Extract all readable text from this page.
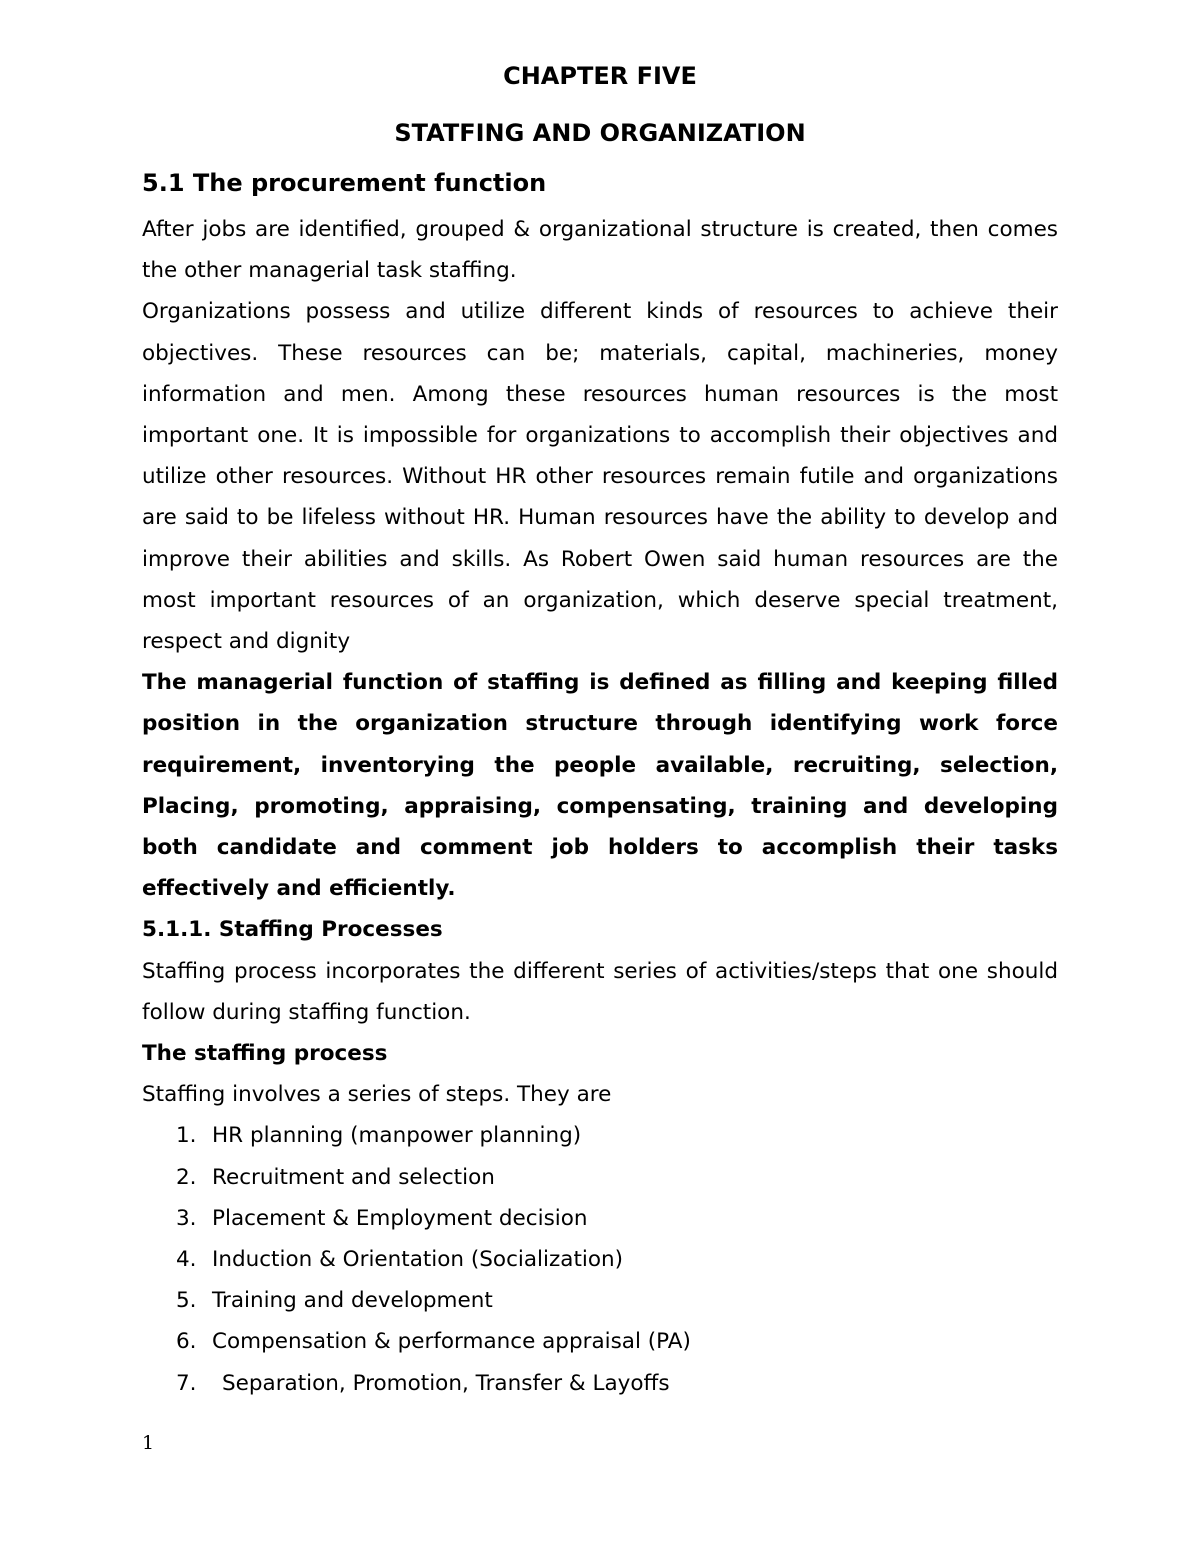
CHAPTER FIVE
STATFING AND ORGANIZATION
5.1 The procurement function

After jobs are identified, grouped & organizational structure is created, then comes the other managerial task staffing.

Organizations possess and utilize different kinds of resources to achieve their objectives. These resources can be; materials, capital, machineries, money information and men. Among these resources human resources is the most important one. It is impossible for organizations to accomplish their objectives and utilize other resources. Without HR other resources remain futile and organizations are said to be lifeless without HR. Human resources have the ability to develop and improve their abilities and skills. As Robert Owen said human resources are the most important resources of an organization, which deserve special treatment, respect and dignity

The managerial function of staffing is defined as filling and keeping filled position in the organization structure through identifying work force requirement, inventorying the people available, recruiting, selection, Placing, promoting, appraising, compensating, training and developing both candidate and comment job holders to accomplish their tasks effectively and efficiently.

5.1.1. Staffing Processes

Staffing process incorporates the different series of activities/steps that one should follow during staffing function.

The staffing process

Staffing involves a series of steps. They are

1. HR planning (manpower planning)
2. Recruitment and selection
3. Placement & Employment decision
4. Induction & Orientation (Socialization)
5. Training and development
6. Compensation & performance appraisal (PA)
7. Separation, Promotion, Transfer & Layoffs
1
